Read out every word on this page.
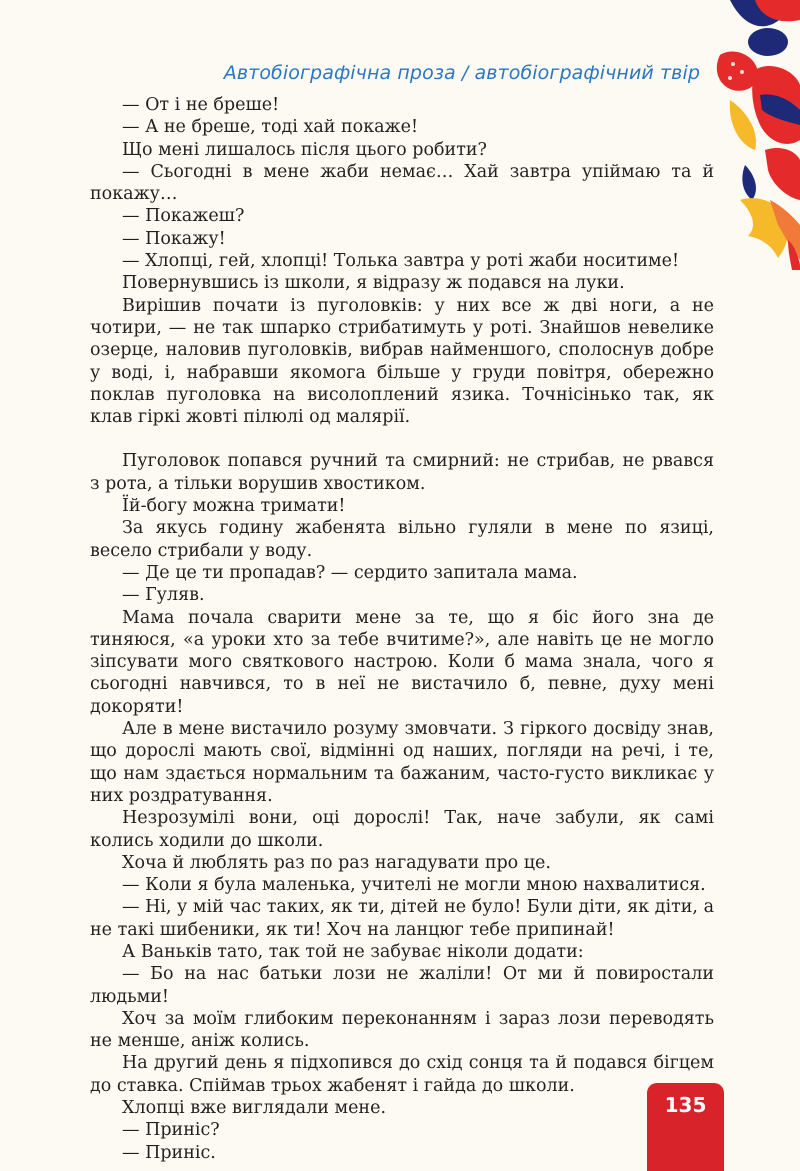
Автобіографічна проза / автобіографічний твір

— От і не бреше!

— А не бреше, тоді хай покаже!

Що мені лишалось після цього робити?

— Сьогодні в мене жаби немає… Хай завтра упіймаю та й покажу…

— Покажеш?

— Покажу!

— Хлопці, гей, хлопці! Толька завтра у роті жаби носитиме!

Повернувшись із школи, я відразу ж подався на луки.

Вирішив почати із пуголовків: у них все ж дві ноги, а не чотири, — не так шпарко стрибатимуть у роті. Знайшов невелике озерце, наловив пуголовків, вибрав найменшого, сполоснув добре у воді, і, набравши якомога більше у груди повітря, обережно поклав пуголовка на висолоплений язика. Точнісінько так, як клав гіркі жовті пілюлі од малярії.

Пуголовок попався ручний та смирний: не стрибав, не рвався з рота, а тільки ворушив хвостиком.

Їй-богу можна тримати!

За якусь годину жабенята вільно гуляли в мене по язиці, весело стрибали у воду.

— Де це ти пропадав? — сердито запитала мама.

— Гуляв.

Мама почала сварити мене за те, що я біс його зна де тиняюся, «а уроки хто за тебе вчитиме?», але навіть це не могло зіпсувати мого святкового настрою. Коли б мама знала, чого я сьогодні навчився, то в неї не вистачило б, певне, духу мені докоряти!

Але в мене вистачило розуму змовчати. З гіркого досвіду знав, що дорослі мають свої, відмінні од наших, погляди на речі, і те, що нам здається нормальним та бажаним, часто-густо викликає у них роздратування.

Незрозумілі вони, оці дорослі! Так, наче забули, як самі колись ходили до школи.

Хоча й люблять раз по раз нагадувати про це.

— Коли я була маленька, учителі не могли мною нахвалитися.

— Ні, у мій час таких, як ти, дітей не було! Були діти, як діти, а не такі шибеники, як ти! Хоч на ланцюг тебе припинай!

А Ваньків тато, так той не забуває ніколи додати:

— Бо на нас батьки лози не жаліли! От ми й повиростали людьми!

Хоч за моїм глибоким переконанням і зараз лози переводять не менше, аніж колись.

На другий день я підхопився до схід сонця та й подався бігцем до ставка. Спіймав трьох жабенят і гайда до школи.

Хлопці вже виглядали мене.

— Приніс?

— Приніс.

135
